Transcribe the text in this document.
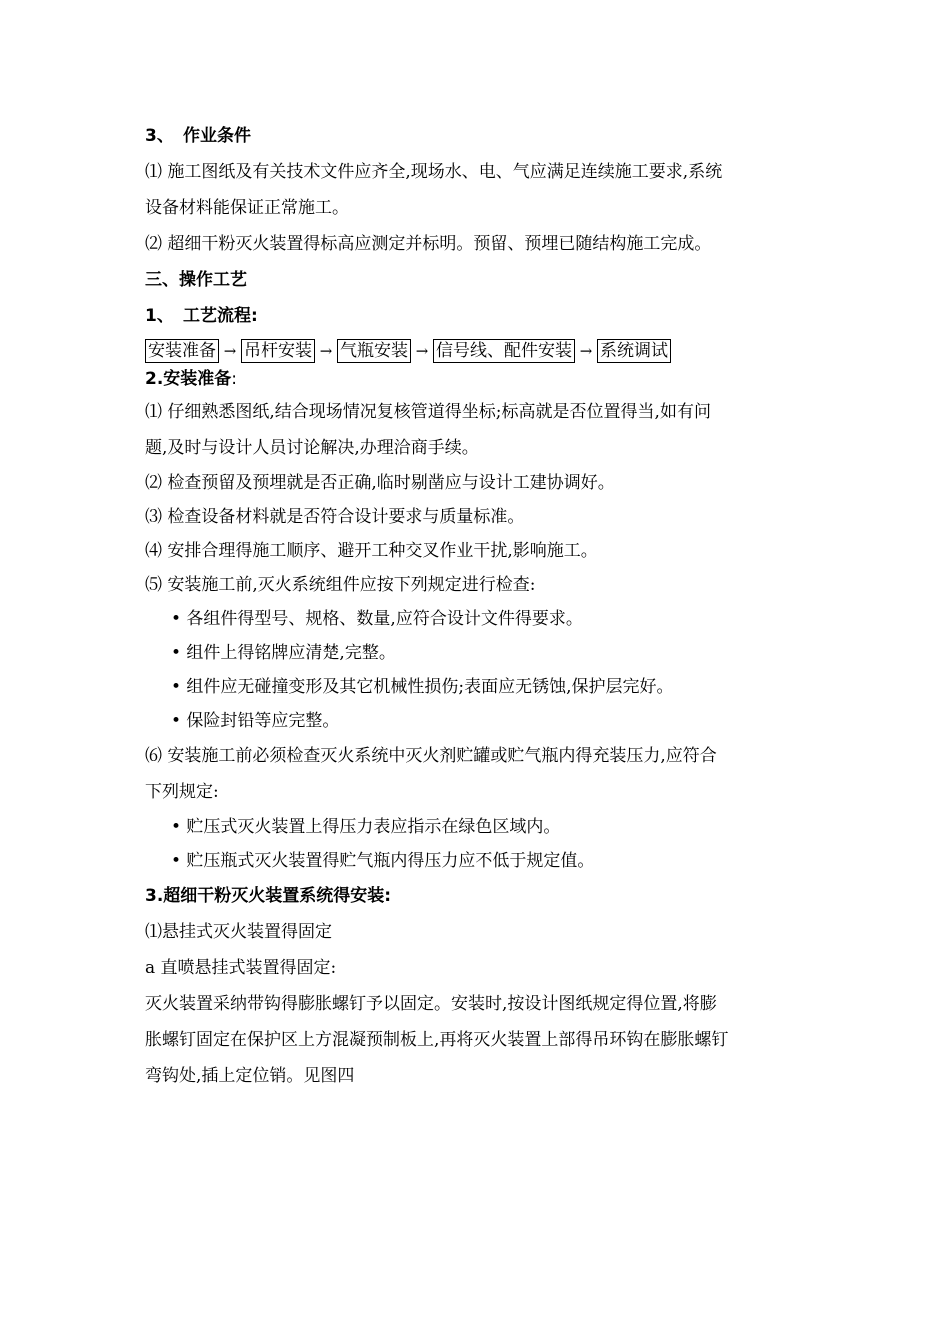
3、 作业条件
⑴ 施工图纸及有关技术文件应齐全,现场水、电、气应满足连续施工要求,系统
设备材料能保证正常施工。
⑵ 超细干粉灭火装置得标高应测定并标明。预留、预埋已随结构施工完成。
三、操作工艺
1、 工艺流程:
安装准备 → 吊杆安装 → 气瓶安装 → 信号线、配件安装 → 系统调试
2.安装准备:
⑴ 仔细熟悉图纸,结合现场情况复核管道得坐标;标高就是否位置得当,如有问
题,及时与设计人员讨论解决,办理洽商手续。
⑵ 检查预留及预埋就是否正确,临时剔凿应与设计工建协调好。
⑶ 检查设备材料就是否符合设计要求与质量标准。
⑷ 安排合理得施工顺序、避开工种交叉作业干扰,影响施工。
⑸ 安装施工前,灭火系统组件应按下列规定进行检查:
• 各组件得型号、规格、数量,应符合设计文件得要求。
• 组件上得铭牌应清楚,完整。
• 组件应无碰撞变形及其它机械性损伤;表面应无锈蚀,保护层完好。
• 保险封铅等应完整。
⑹ 安装施工前必须检查灭火系统中灭火剂贮罐或贮气瓶内得充装压力,应符合
下列规定:
• 贮压式灭火装置上得压力表应指示在绿色区域内。
• 贮压瓶式灭火装置得贮气瓶内得压力应不低于规定值。
3.超细干粉灭火装置系统得安装:
⑴悬挂式灭火装置得固定
a 直喷悬挂式装置得固定:
灭火装置采纳带钩得膨胀螺钉予以固定。安装时,按设计图纸规定得位置,将膨
胀螺钉固定在保护区上方混凝预制板上,再将灭火装置上部得吊环钩在膨胀螺钉
弯钩处,插上定位销。见图四
